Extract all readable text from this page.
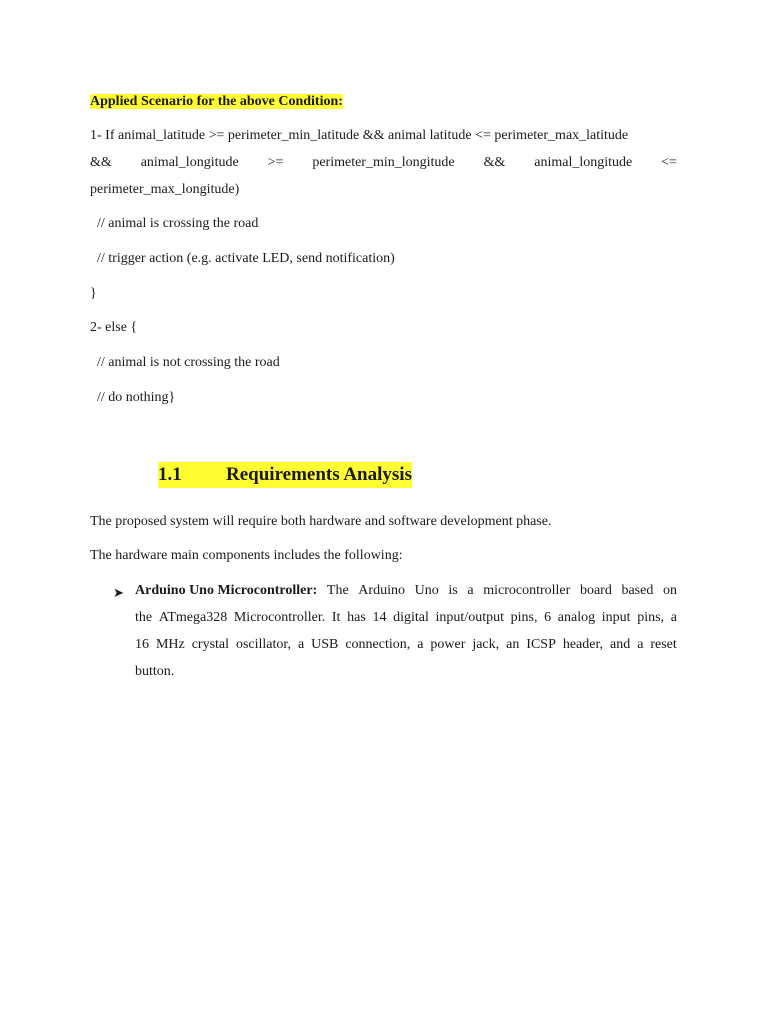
Applied Scenario for the above Condition:
1- If animal_latitude >= perimeter_min_latitude && animal latitude <= perimeter_max_latitude
&& animal_longitude >= perimeter_min_longitude && animal_longitude <=
perimeter_max_longitude)
// animal is crossing the road
// trigger action (e.g. activate LED, send notification)
}
2- else {
// animal is not crossing the road
// do nothing}
1.1	Requirements Analysis
The proposed system will require both hardware and software development phase.
The hardware main components includes the following:
➤ Arduino Uno Microcontroller: The Arduino Uno is a microcontroller board based on
the ATmega328 Microcontroller. It has 14 digital input/output pins, 6 analog input pins, a
16 MHz crystal oscillator, a USB connection, a power jack, an ICSP header, and a reset
button.
